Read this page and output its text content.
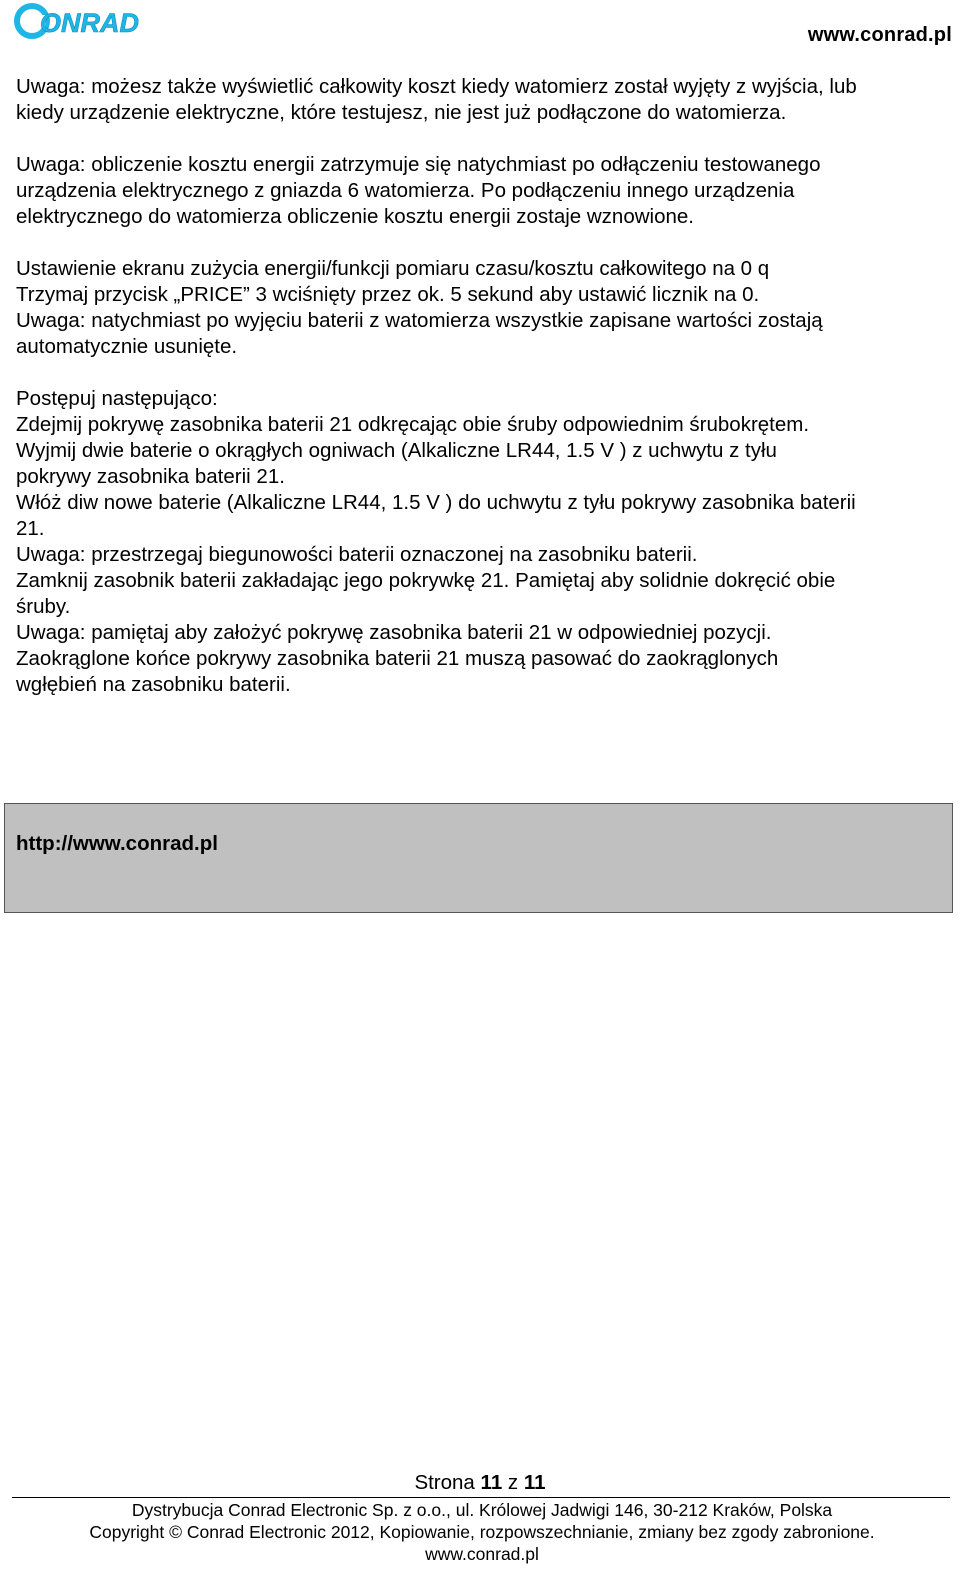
ONRAD	www.conrad.pl

Uwaga: możesz także wyświetlić całkowity koszt kiedy watomierz został wyjęty z wyjścia, lub

kiedy urządzenie elektryczne, które testujesz, nie jest już podłączone do watomierza.

Uwaga: obliczenie kosztu energii zatrzymuje się natychmiast po odłączeniu testowanego

urządzenia elektrycznego z gniazda 6 watomierza. Po podłączeniu innego urządzenia

elektrycznego do watomierza obliczenie kosztu energii zostaje wznowione.

Ustawienie ekranu zużycia energii/funkcji pomiaru czasu/kosztu całkowitego na 0 q

Trzymaj przycisk „PRICE” 3 wciśnięty przez ok. 5 sekund aby ustawić licznik na 0.

Uwaga: natychmiast po wyjęciu baterii z watomierza wszystkie zapisane wartości zostają

automatycznie usunięte.

Postępuj następująco:

Zdejmij pokrywę zasobnika baterii 21 odkręcając obie śruby odpowiednim śrubokrętem.

Wyjmij dwie baterie o okrągłych ogniwach (Alkaliczne LR44, 1.5 V ) z uchwytu z tyłu

pokrywy zasobnika baterii 21.

Włóż diw nowe baterie (Alkaliczne LR44, 1.5 V ) do uchwytu z tyłu pokrywy zasobnika baterii

21.

Uwaga: przestrzegaj biegunowości baterii oznaczonej na zasobniku baterii.

Zamknij zasobnik baterii zakładając jego pokrywkę 21. Pamiętaj aby solidnie dokręcić obie

śruby.

Uwaga: pamiętaj aby założyć pokrywę zasobnika baterii 21 w odpowiedniej pozycji.

Zaokrąglone końce pokrywy zasobnika baterii 21 muszą pasować do zaokrąglonych

wgłębień na zasobniku baterii.

http://www.conrad.pl
Strona 11 z 11
Dystrybucja Conrad Electronic Sp. z o.o., ul. Królowej Jadwigi 146, 30-212 Kraków, Polska
Copyright © Conrad Electronic 2012, Kopiowanie, rozpowszechnianie, zmiany bez zgody zabronione.
www.conrad.pl
